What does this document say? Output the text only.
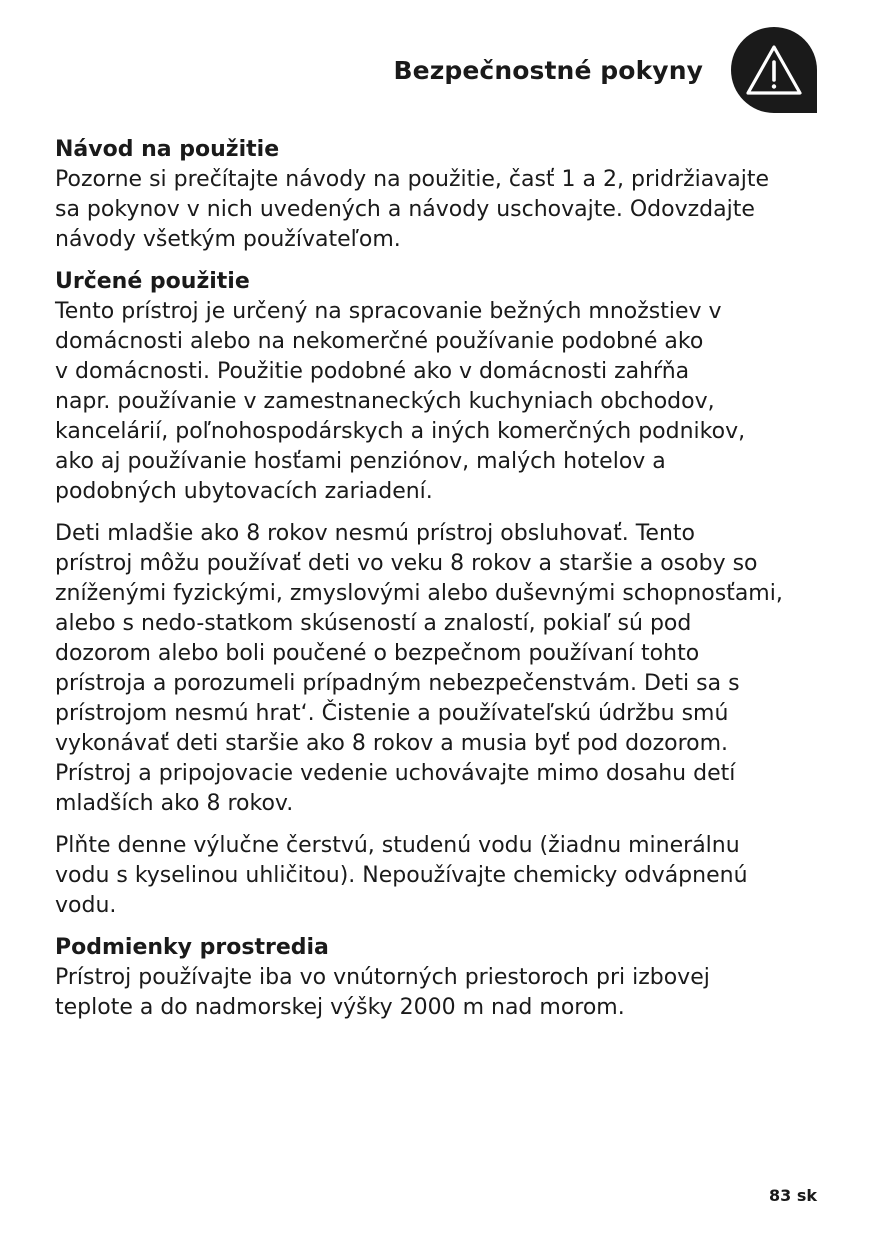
Bezpečnostné pokyny
Návod na použitie

Pozorne si prečítajte návody na použitie, časť 1 a 2, pridržiavajte
sa pokynov v nich uvedených a návody uschovajte. Odovzdajte
návody všetkým používateľom.

Určené použitie

Tento prístroj je určený na spracovanie bežných množstiev v
domácnosti alebo na nekomerčné používanie podobné ako
v domácnosti. Použitie podobné ako v domácnosti zahŕňa
napr. používanie v zamestnaneckých kuchyniach obchodov,
kancelárií, poľnohospodárskych a iných komerčných podnikov,
ako aj používanie hosťami penziónov, malých hotelov a
podobných ubytovacích zariadení.

Deti mladšie ako 8 rokov nesmú prístroj obsluhovať. Tento
prístroj môžu používať deti vo veku 8 rokov a staršie a osoby so
zníženými fyzickými, zmyslovými alebo duševnými schopnosťami,
alebo s nedo-statkom skúseností a znalostí, pokiaľ sú pod
dozorom alebo boli poučené o bezpečnom používaní tohto
prístroja a porozumeli prípadným nebezpečenstvám. Deti sa s
prístrojom nesmú hrat‘. Čistenie a používateľskú údržbu smú
vykonávať deti staršie ako 8 rokov a musia byť pod dozorom.
Prístroj a pripojovacie vedenie uchovávajte mimo dosahu detí
mladších ako 8 rokov.

Plňte denne výlučne čerstvú, studenú vodu (žiadnu minerálnu
vodu s kyselinou uhličitou). Nepoužívajte chemicky odvápnenú
vodu.

Podmienky prostredia

Prístroj používajte iba vo vnútorných priestoroch pri izbovej
teplote a do nadmorskej výšky 2000 m nad morom.

83 sk
